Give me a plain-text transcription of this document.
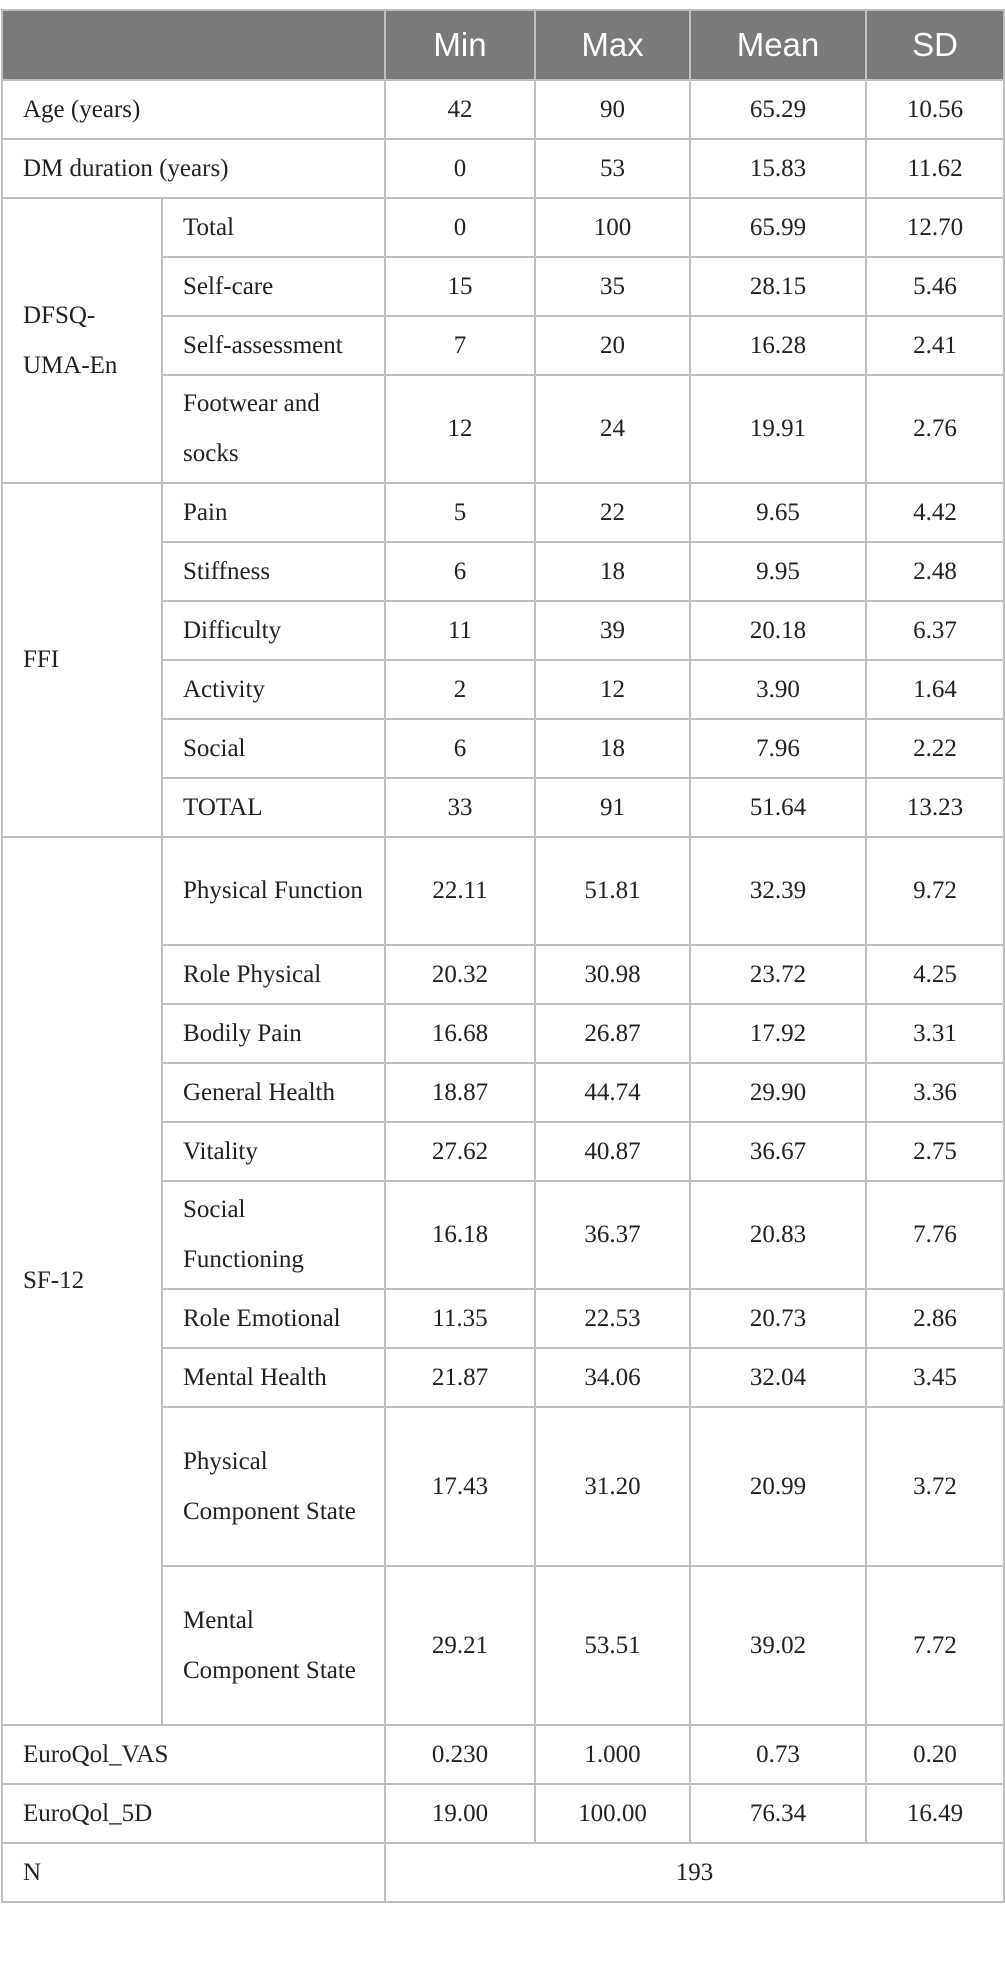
		Min	Max	Mean	SD
Age (years)		42	90	65.29	10.56
DM duration (years)		0	53	15.83	11.62
DFSQ-UMA-En	Total	0	100	65.99	12.70
	Self-care	15	35	28.15	5.46
	Self-assessment	7	20	16.28	2.41
	Footwear and socks	12	24	19.91	2.76
FFI	Pain	5	22	9.65	4.42
	Stiffness	6	18	9.95	2.48
	Difficulty	11	39	20.18	6.37
	Activity	2	12	3.90	1.64
	Social	6	18	7.96	2.22
	TOTAL	33	91	51.64	13.23
SF-12	Physical Function	22.11	51.81	32.39	9.72
	Role Physical	20.32	30.98	23.72	4.25
	Bodily Pain	16.68	26.87	17.92	3.31
	General Health	18.87	44.74	29.90	3.36
	Vitality	27.62	40.87	36.67	2.75
	Social Functioning	16.18	36.37	20.83	7.76
	Role Emotional	11.35	22.53	20.73	2.86
	Mental Health	21.87	34.06	32.04	3.45
	Physical Component State	17.43	31.20	20.99	3.72
	Mental Component State	29.21	53.51	39.02	7.72
EuroQol_VAS		0.230	1.000	0.73	0.20
EuroQol_5D		19.00	100.00	76.34	16.49
N		193			
